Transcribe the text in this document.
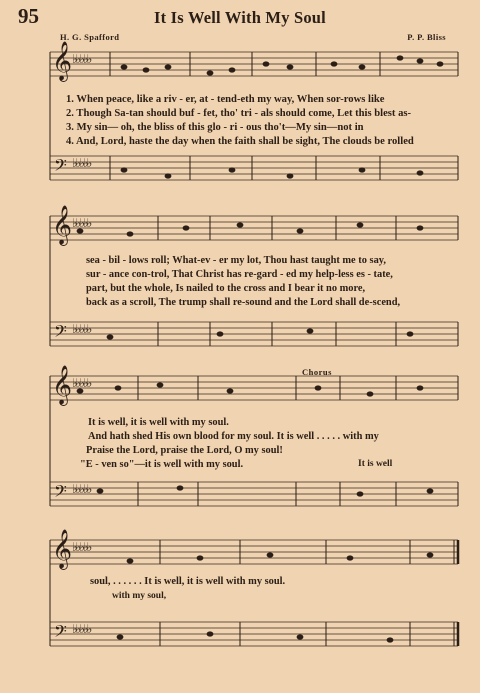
95	It Is Well With My Soul
H. G. Spafford	P. P. Bliss
𝄞 ♭♭♭♭♭
𝄢 ♭♭♭♭♭
𝄞 ♭♭♭♭♭
𝄢 ♭♭♭♭♭
𝄞 ♭♭♭♭♭
𝄢 ♭♭♭♭♭
𝄞 ♭♭♭♭♭
𝄢 ♭♭♭♭♭
1. When peace, like a riv - er, at - tend-eth my way, When sor-rows like
2. Though Sa-tan should buf - fet, tho' tri - als should come, Let this blest as-
3. My sin— oh, the bliss of this glo - ri - ous tho't—My sin—not in
4. And, Lord, haste the day when the faith shall be sight, The clouds be rolled
sea - bil - lows roll; What-ev - er my lot, Thou hast taught me to say,
sur - ance con-trol, That Christ has re-gard - ed my help-less es - tate,
part, but the whole, Is nailed to the cross and I bear it no more,
back as a scroll, The trump shall re-sound and the Lord shall de-scend,
Chorus
It is well, it is well with my soul.
And hath shed His own blood for my soul. It is well . . . . . with my
Praise the Lord, praise the Lord, O my soul!
"E - ven so"—it is well with my soul.	It is well
soul, . . . . . . It is well, it is well with my soul.
with my soul,
